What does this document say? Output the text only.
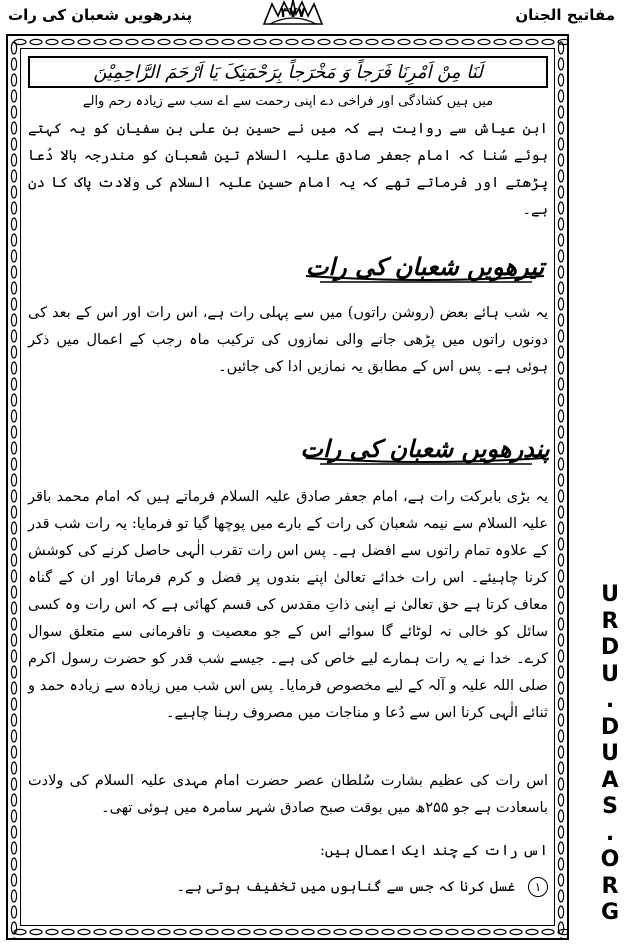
پندرھویں شعبان کی رات	۳۷۷	مفاتیح الجنان
لَنَا مِنْ اَمْرِنَا فَرَجاً وَ مَخْرَجاً بِرَحْمَتِکَ یَا اَرْحَمَ الرَّاحِمِیْنَ
میں ہیں کشادگی اور فراخی دے اپنی رحمت سے اے سب سے زیادہ رحم والے
ابن عیاش سے روایت ہے کہ میں نے حسین بن علی بن سفیان کو یہ کہتے ہوئے سُنا کہ امام جعفر صادق علیہ السلام تین شعبان کو مندرجہ بالا دُعا پڑھتے اور فرماتے تھے کہ یہ امام حسین علیہ السلام کی ولادت پاک کا دن ہے۔
تیرھویں شعبان کی رات
یہ شب ہائے بعض (روشن راتوں) میں سے پہلی رات ہے، اس رات اور اس کے بعد کی دونوں راتوں میں پڑھی جانے والی نمازوں کی ترکیب ماہ رجب کے اعمال میں ذکر ہوئی ہے۔ پس اس کے مطابق یہ نمازیں ادا کی جائیں۔
پندرھویں شعبان کی رات
یہ بڑی بابرکت رات ہے، امام جعفر صادق علیہ السلام فرماتے ہیں کہ امام محمد باقر علیہ السلام سے نیمہ شعبان کی رات کے بارے میں پوچھا گیا تو فرمایا: یہ رات شب قدر کے علاوہ تمام راتوں سے افضل ہے۔ پس اس رات تقرب الٰہی حاصل کرنے کی کوشش کرنا چاہیئے۔ اس رات خدائے تعالیٰ اپنے بندوں پر فضل و کرم فرماتا اور ان کے گناہ معاف کرتا ہے حق تعالیٰ نے اپنی ذاتِ مقدس کی قسم کھائی ہے کہ اس رات وہ کسی سائل کو خالی نہ لوٹائے گا سوائے اس کے جو معصیت و نافرمانی سے متعلق سوال کرے۔ خدا نے یہ رات ہمارے لیے خاص کی ہے۔ جیسے شب قدر کو حضرت رسول اکرم صلی اللہ علیہ و آلہ کے لیے مخصوص فرمایا۔ پس اس شب میں زیادہ سے زیادہ حمد و ثنائے الٰہی کرنا اس سے دُعا و مناجات میں مصروف رہنا چاہیے۔
اس رات کی عظیم بشارت سُلطان عصر حضرت امام مہدی علیہ السلام کی ولادت باسعادت ہے جو ۲۵۵ھ میں بوقت صبح صادق شہر سامرہ میں ہوئی تھی۔
اس رات کے چند ایک اعمال ہیں:
١ غسل کرنا کہ جس سے گناہوں میں تخفیف ہوتی ہے۔
U
R
D
U
.
D
U
A
S
.
O
R
G
